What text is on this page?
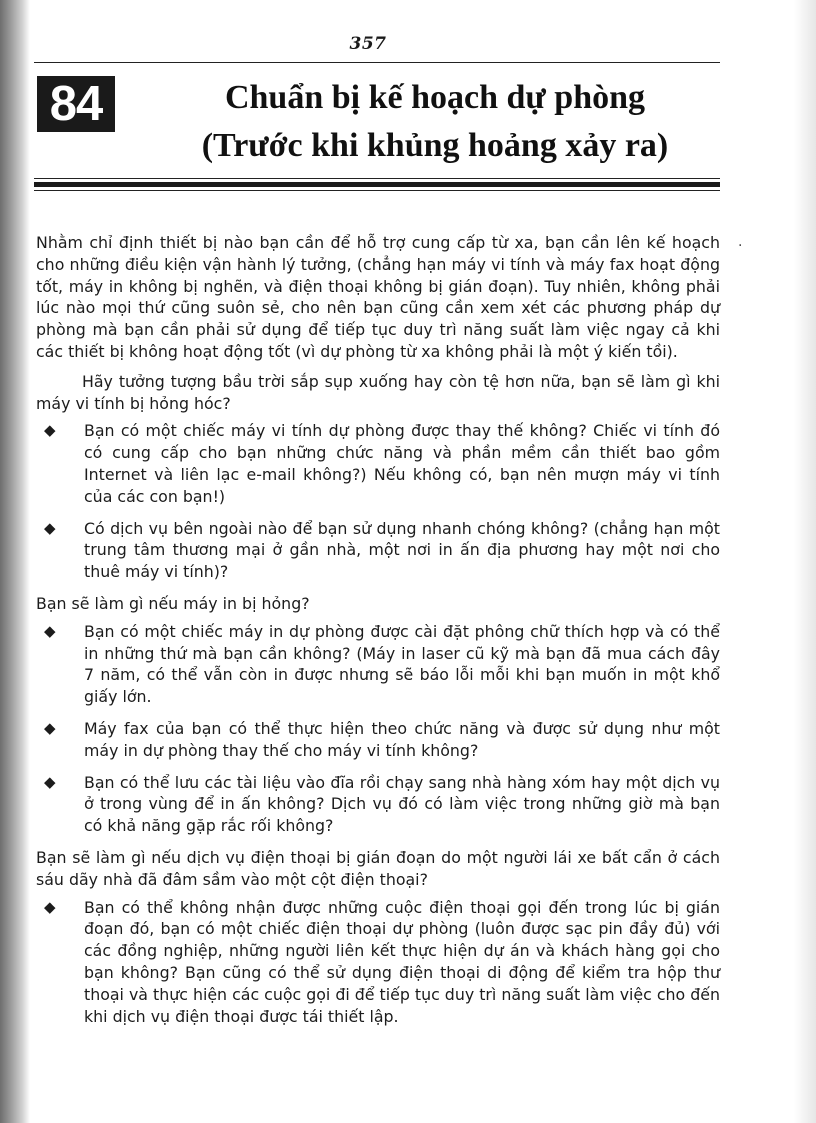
357
84	Chuẩn bị kế hoạch dự phòng
(Trước khi khủng hoảng xảy ra)
·

Nhằm chỉ định thiết bị nào bạn cần để hỗ trợ cung cấp từ xa, bạn cần lên kế hoạch cho những điều kiện vận hành lý tưởng, (chẳng hạn máy vi tính và máy fax hoạt động tốt, máy in không bị nghẽn, và điện thoại không bị gián đoạn). Tuy nhiên, không phải lúc nào mọi thứ cũng suôn sẻ, cho nên bạn cũng cần xem xét các phương pháp dự phòng mà bạn cần phải sử dụng để tiếp tục duy trì năng suất làm việc ngay cả khi các thiết bị không hoạt động tốt (vì dự phòng từ xa không phải là một ý kiến tồi).

Hãy tưởng tượng bầu trời sắp sụp xuống hay còn tệ hơn nữa, bạn sẽ làm gì khi máy vi tính bị hỏng hóc?

◆ Bạn có một chiếc máy vi tính dự phòng được thay thế không? Chiếc vi tính đó có cung cấp cho bạn những chức năng và phần mềm cần thiết bao gồm Internet và liên lạc e-mail không?) Nếu không có, bạn nên mượn máy vi tính của các con bạn!)
◆ Có dịch vụ bên ngoài nào để bạn sử dụng nhanh chóng không? (chẳng hạn một trung tâm thương mại ở gần nhà, một nơi in ấn địa phương hay một nơi cho thuê máy vi tính)?

Bạn sẽ làm gì nếu máy in bị hỏng?

◆ Bạn có một chiếc máy in dự phòng được cài đặt phông chữ thích hợp và có thể in những thứ mà bạn cần không? (Máy in laser cũ kỹ mà bạn đã mua cách đây 7 năm, có thể vẫn còn in được nhưng sẽ báo lỗi mỗi khi bạn muốn in một khổ giấy lớn.
◆ Máy fax của bạn có thể thực hiện theo chức năng và được sử dụng như một máy in dự phòng thay thế cho máy vi tính không?
◆ Bạn có thể lưu các tài liệu vào đĩa rồi chạy sang nhà hàng xóm hay một dịch vụ ở trong vùng để in ấn không? Dịch vụ đó có làm việc trong những giờ mà bạn có khả năng gặp rắc rối không?

Bạn sẽ làm gì nếu dịch vụ điện thoại bị gián đoạn do một người lái xe bất cẩn ở cách sáu dãy nhà đã đâm sầm vào một cột điện thoại?

◆ Bạn có thể không nhận được những cuộc điện thoại gọi đến trong lúc bị gián đoạn đó, bạn có một chiếc điện thoại dự phòng (luôn được sạc pin đầy đủ) với các đồng nghiệp, những người liên kết thực hiện dự án và khách hàng gọi cho bạn không? Bạn cũng có thể sử dụng điện thoại di động để kiểm tra hộp thư thoại và thực hiện các cuộc gọi đi để tiếp tục duy trì năng suất làm việc cho đến khi dịch vụ điện thoại được tái thiết lập.
